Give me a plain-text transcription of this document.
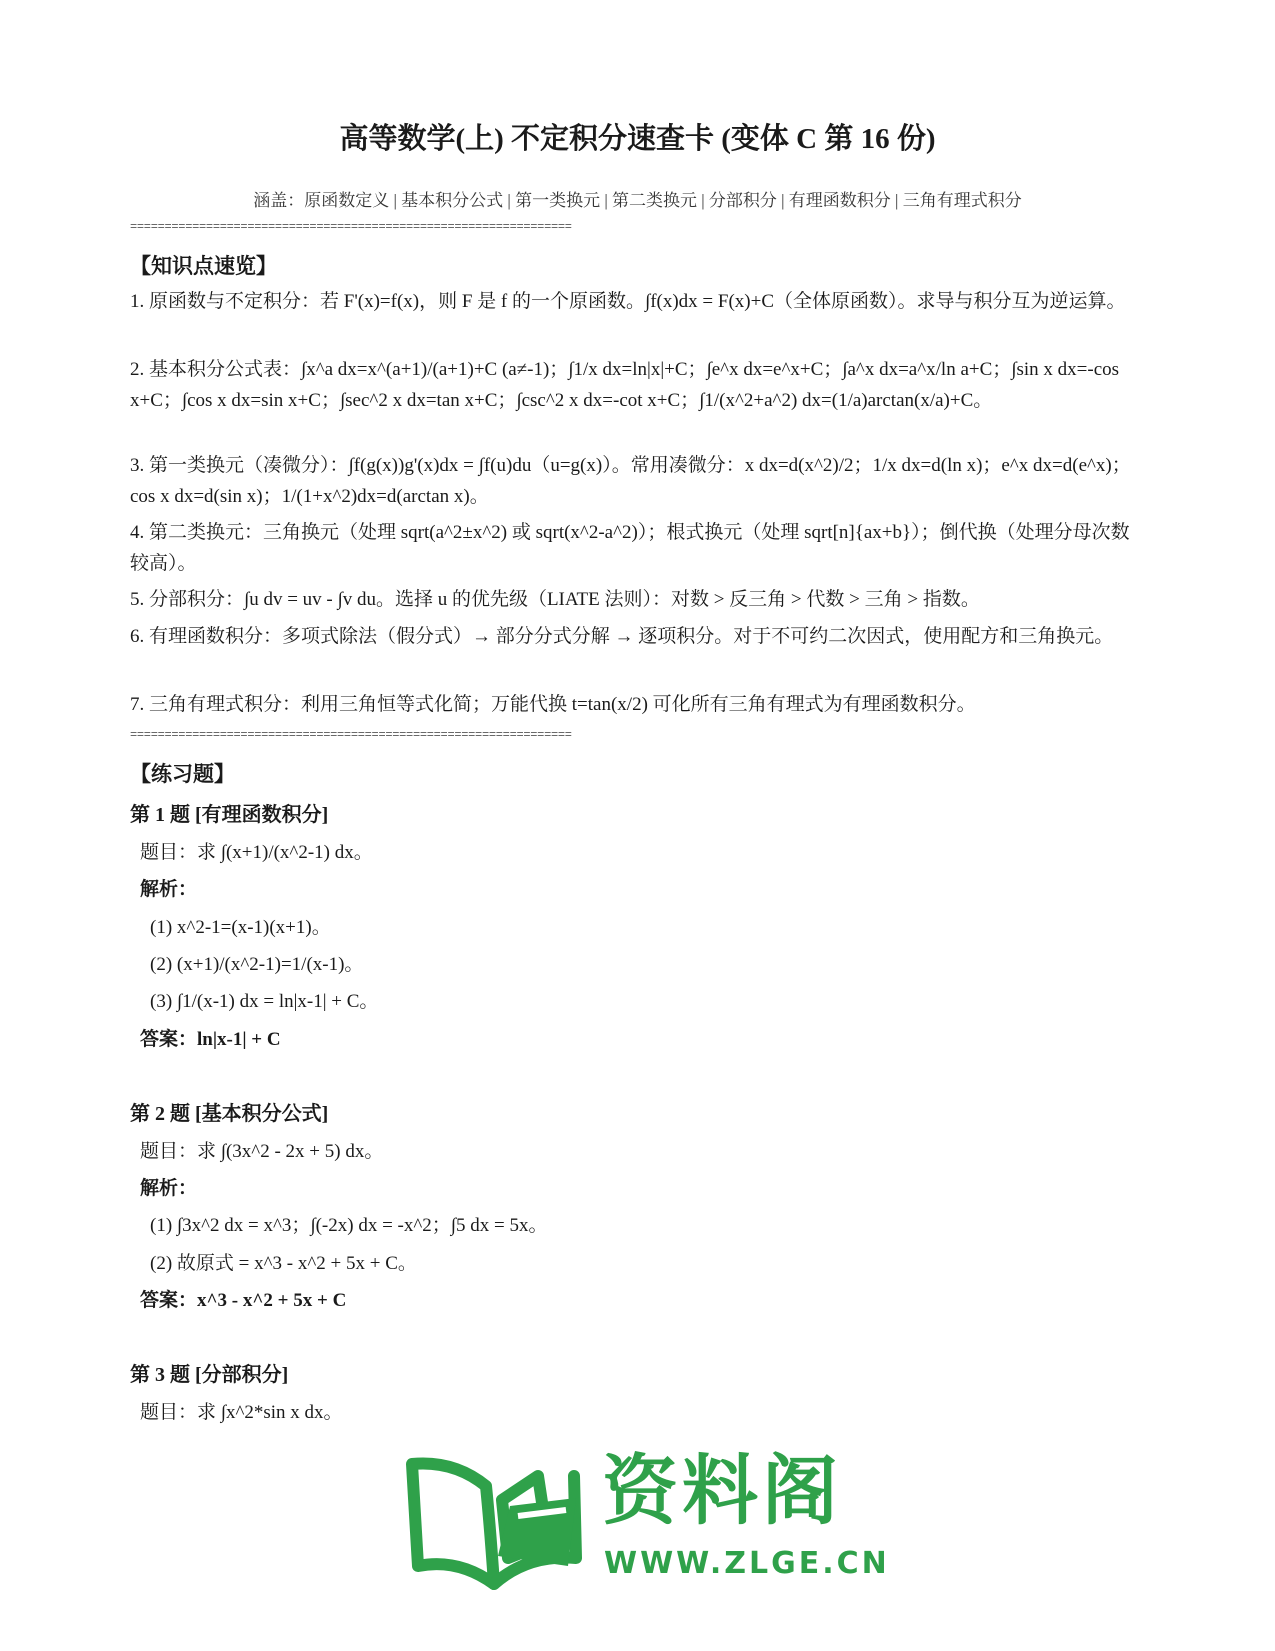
高等数学(上) 不定积分速查卡 (变体 C 第 16 份)
涵盖：原函数定义 | 基本积分公式 | 第一类换元 | 第二类换元 | 分部积分 | 有理函数积分 | 三角有理式积分
================================================================
【知识点速览】
1. 原函数与不定积分：若 F'(x)=f(x)，则 F 是 f 的一个原函数。∫f(x)dx = F(x)+C（全体原函数）。求导与积分互为逆运算。
2. 基本积分公式表：∫x^a dx=x^(a+1)/(a+1)+C (a≠-1)；∫1/x dx=ln|x|+C；∫e^x dx=e^x+C；∫a^x dx=a^x/ln a+C；∫sin x dx=-cos x+C；∫cos x dx=sin x+C；∫sec^2 x dx=tan x+C；∫csc^2 x dx=-cot x+C；∫1/(x^2+a^2) dx=(1/a)arctan(x/a)+C。
3. 第一类换元（凑微分）：∫f(g(x))g'(x)dx = ∫f(u)du（u=g(x)）。常用凑微分：x dx=d(x^2)/2；1/x dx=d(ln x)；e^x dx=d(e^x)；cos x dx=d(sin x)；1/(1+x^2)dx=d(arctan x)。
4. 第二类换元：三角换元（处理 sqrt(a^2±x^2) 或 sqrt(x^2-a^2)）；根式换元（处理 sqrt[n]{ax+b}）；倒代换（处理分母次数较高）。
5. 分部积分：∫u dv = uv - ∫v du。选择 u 的优先级（LIATE 法则）：对数 > 反三角 > 代数 > 三角 > 指数。
6. 有理函数积分：多项式除法（假分式）→ 部分分式分解 → 逐项积分。对于不可约二次因式，使用配方和三角换元。
7. 三角有理式积分：利用三角恒等式化简；万能代换 t=tan(x/2) 可化所有三角有理式为有理函数积分。
================================================================
【练习题】
第 1 题 [有理函数积分]
题目：求 ∫(x+1)/(x^2-1) dx。
解析：
(1) x^2-1=(x-1)(x+1)。
(2) (x+1)/(x^2-1)=1/(x-1)。
(3) ∫1/(x-1) dx = ln|x-1| + C。
答案：ln|x-1| + C
第 2 题 [基本积分公式]
题目：求 ∫(3x^2 - 2x + 5) dx。
解析：
(1) ∫3x^2 dx = x^3；∫(-2x) dx = -x^2；∫5 dx = 5x。
(2) 故原式 = x^3 - x^2 + 5x + C。
答案：x^3 - x^2 + 5x + C
第 3 题 [分部积分]
题目：求 ∫x^2*sin x dx。
资料阁
WWW.ZLGE.CN
